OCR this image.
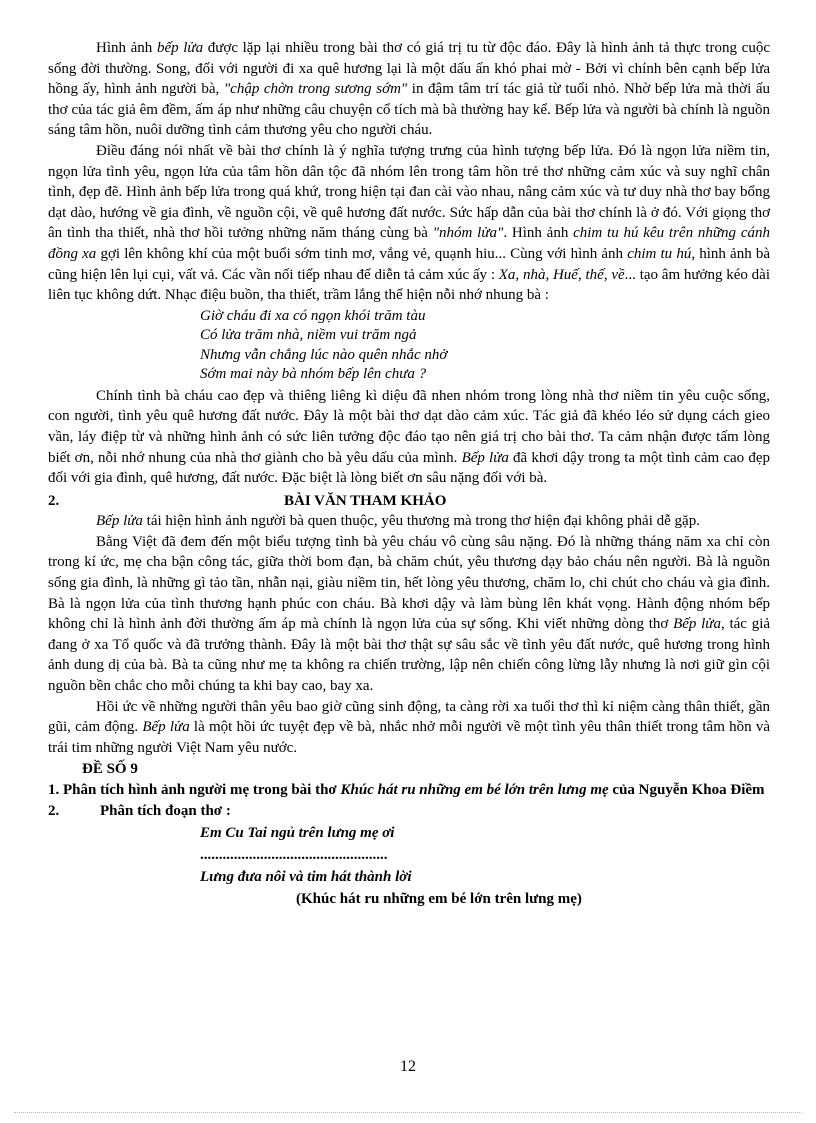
Hình ảnh bếp lửa được lặp lại nhiều trong bài thơ có giá trị tu từ độc đáo. Đây là hình ảnh tả thực trong cuộc sống đời thường. Song, đối với người đi xa quê hương lại là một dấu ấn khó phai mờ - Bởi vì chính bên cạnh bếp lửa hồng ấy, hình ảnh người bà, "chập chờn trong sương sớm" in đậm tâm trí tác giả từ tuổi nhỏ. Nhờ bếp lửa mà thời ấu thơ của tác giả êm đềm, ấm áp như những câu chuyện cổ tích mà bà thường hay kể. Bếp lửa và người bà chính là nguồn sáng tâm hồn, nuôi dưỡng tình cảm thương yêu cho người cháu.

Điều đáng nói nhất về bài thơ chính là ý nghĩa tượng trưng của hình tượng bếp lửa. Đó là ngọn lửa niềm tin, ngọn lửa tình yêu, ngọn lửa của tâm hồn dân tộc đã nhóm lên trong tâm hồn trẻ thơ những cảm xúc và suy nghĩ chân tình, đẹp đẽ. Hình ảnh bếp lửa trong quá khứ, trong hiện tại đan cài vào nhau, nâng cảm xúc và tư duy nhà thơ bay bổng dạt dào, hướng về gia đình, về nguồn cội, về quê hương đất nước. Sức hấp dẫn của bài thơ chính là ở đó. Với giọng thơ ân tình tha thiết, nhà thơ hồi tưởng những năm tháng cùng bà "nhóm lửa". Hình ảnh chim tu hú kêu trên những cánh đồng xa gợi lên không khí của một buổi sớm tinh mơ, vắng vẻ, quạnh hiu... Cùng với hình ảnh chim tu hú, hình ảnh bà cũng hiện lên lụi cụi, vất vả. Các vần nối tiếp nhau để diễn tả cảm xúc ấy : Xa, nhà, Huế, thế, về... tạo âm hưởng kéo dài liên tục không dứt. Nhạc điệu buồn, tha thiết, trầm lắng thể hiện nỗi nhớ nhung bà :

Giờ cháu đi xa có ngọn khói trăm tàu
Có lửa trăm nhà, niềm vui trăm ngả
Nhưng vẫn chẳng lúc nào quên nhắc nhở
Sớm mai này bà nhóm bếp lên chưa ?

Chính tình bà cháu cao đẹp và thiêng liêng kì diệu đã nhen nhóm trong lòng nhà thơ niềm tin yêu cuộc sống, con người, tình yêu quê hương đất nước. Đây là một bài thơ dạt dào cảm xúc. Tác giả đã khéo léo sử dụng cách gieo vần, láy điệp từ và những hình ảnh có sức liên tưởng độc đáo tạo nên giá trị cho bài thơ. Ta cảm nhận được tấm lòng biết ơn, nỗi nhớ nhung của nhà thơ giành cho bà yêu dấu của mình. Bếp lửa đã khơi dậy trong ta một tình cảm cao đẹp đối với gia đình, quê hương, đất nước. Đặc biệt là lòng biết ơn sâu nặng đối với bà.

2.	BÀI VĂN THAM KHẢO

Bếp lửa tái hiện hình ảnh người bà quen thuộc, yêu thương mà trong thơ hiện đại không phải dễ gặp.

Bằng Việt đã đem đến một biểu tượng tình bà yêu cháu vô cùng sâu nặng. Đó là những tháng năm xa chỉ còn trong kí ức, mẹ cha bận công tác, giữa thời bom đạn, bà chăm chút, yêu thương dạy bảo cháu nên người. Bà là nguồn sống gia đình, là những gì tảo tần, nhẫn nại, giàu niềm tin, hết lòng yêu thương, chăm lo, chi chút cho cháu và gia đình. Bà là ngọn lửa của tình thương hạnh phúc con cháu. Bà khơi dậy và làm bùng lên khát vọng. Hành động nhóm bếp không chỉ là hình ảnh đời thường ấm áp mà chính là ngọn lửa của sự sống. Khi viết những dòng thơ Bếp lửa, tác giả đang ở xa Tổ quốc và đã trưởng thành. Đây là một bài thơ thật sự sâu sắc về tình yêu đất nước, quê hương trong hình ảnh dung dị của bà. Bà ta cũng như mẹ ta không ra chiến trường, lập nên chiến công lừng lẫy nhưng là nơi giữ gìn cội nguồn bền chắc cho mỗi chúng ta khi bay cao, bay xa.

Hồi ức về những người thân yêu bao giờ cũng sinh động, ta càng rời xa tuổi thơ thì kỉ niệm càng thân thiết, gần gũi, cảm động. Bếp lửa là một hồi ức tuyệt đẹp về bà, nhắc nhở mỗi người về một tình yêu thân thiết trong tâm hồn và trái tim những người Việt Nam yêu nước.

ĐỀ SỐ 9

1. Phân tích hình ảnh người mẹ trong bài thơ Khúc hát ru những em bé lớn trên lưng mẹ của Nguyễn Khoa Điềm

2.	Phân tích đoạn thơ :
Em Cu Tai ngủ trên lưng mẹ ơi
..................................................
Lưng đưa nôi và tim hát thành lời
(Khúc hát ru những em bé lớn trên lưng mẹ)
12
